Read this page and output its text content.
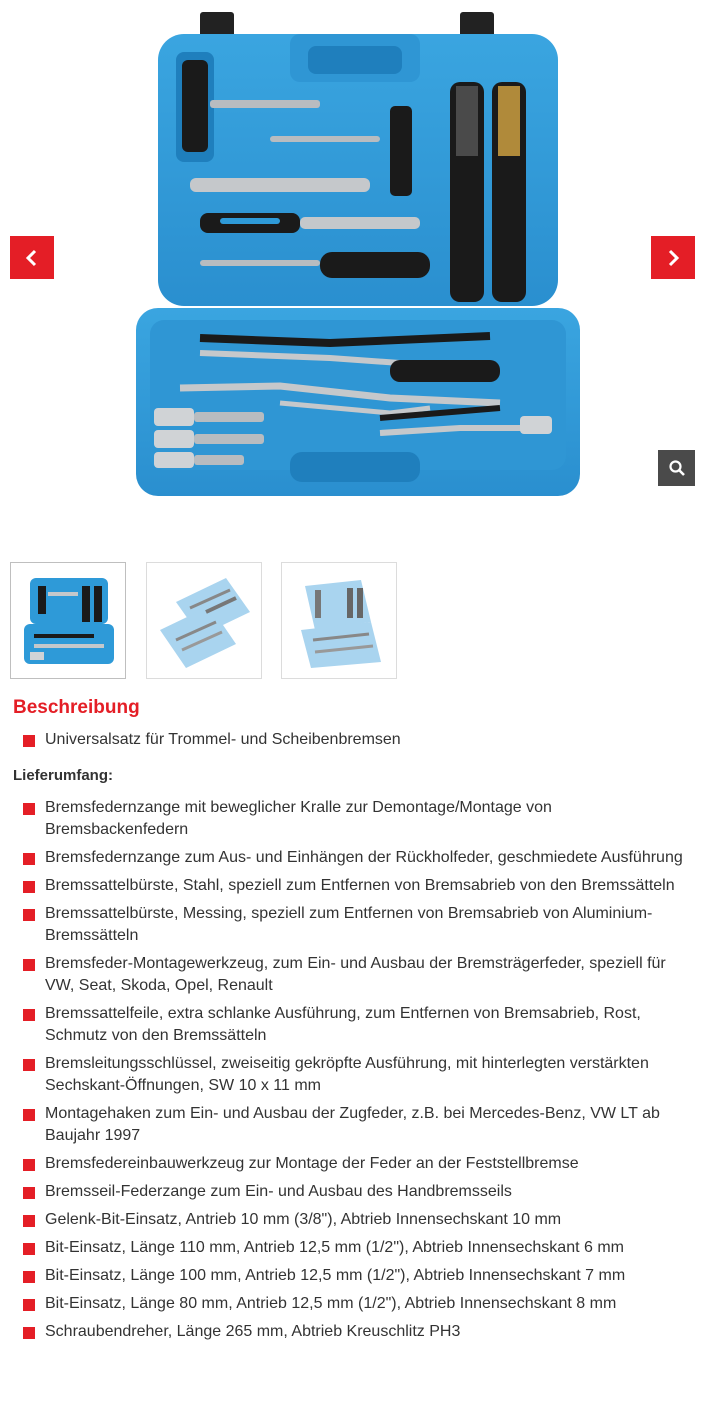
Beschreibung
Universalsatz für Trommel- und Scheibenbremsen
Lieferumfang:
Bremsfedernzange mit beweglicher Kralle zur Demontage/Montage von Bremsbackenfedern
Bremsfedernzange zum Aus- und Einhängen der Rückholfeder, geschmiedete Ausführung
Bremssattelbürste, Stahl, speziell zum Entfernen von Bremsabrieb von den Bremssätteln
Bremssattelbürste, Messing, speziell zum Entfernen von Bremsabrieb von Aluminium-Bremssätteln
Bremsfeder-Montagewerkzeug, zum Ein- und Ausbau der Bremsträgerfeder, speziell für VW, Seat, Skoda, Opel, Renault
Bremssattelfeile, extra schlanke Ausführung, zum Entfernen von Bremsabrieb, Rost, Schmutz von den Bremssätteln
Bremsleitungsschlüssel, zweiseitig gekröpfte Ausführung, mit hinterlegten verstärkten Sechskant-Öffnungen, SW 10 x 11 mm
Montagehaken zum Ein- und Ausbau der Zugfeder, z.B. bei Mercedes-Benz, VW LT ab Baujahr 1997
Bremsfedereinbauwerkzeug zur Montage der Feder an der Feststellbremse
Bremsseil-Federzange zum Ein- und Ausbau des Handbremsseils
Gelenk-Bit-Einsatz, Antrieb 10 mm (3/8"), Abtrieb Innensechskant 10 mm
Bit-Einsatz, Länge 110 mm, Antrieb 12,5 mm (1/2"), Abtrieb Innensechskant 6 mm
Bit-Einsatz, Länge 100 mm, Antrieb 12,5 mm (1/2"), Abtrieb Innensechskant 7 mm
Bit-Einsatz, Länge 80 mm, Antrieb 12,5 mm (1/2"), Abtrieb Innensechskant 8 mm
Schraubendreher, Länge 265 mm, Abtrieb Kreuschlitz PH3
